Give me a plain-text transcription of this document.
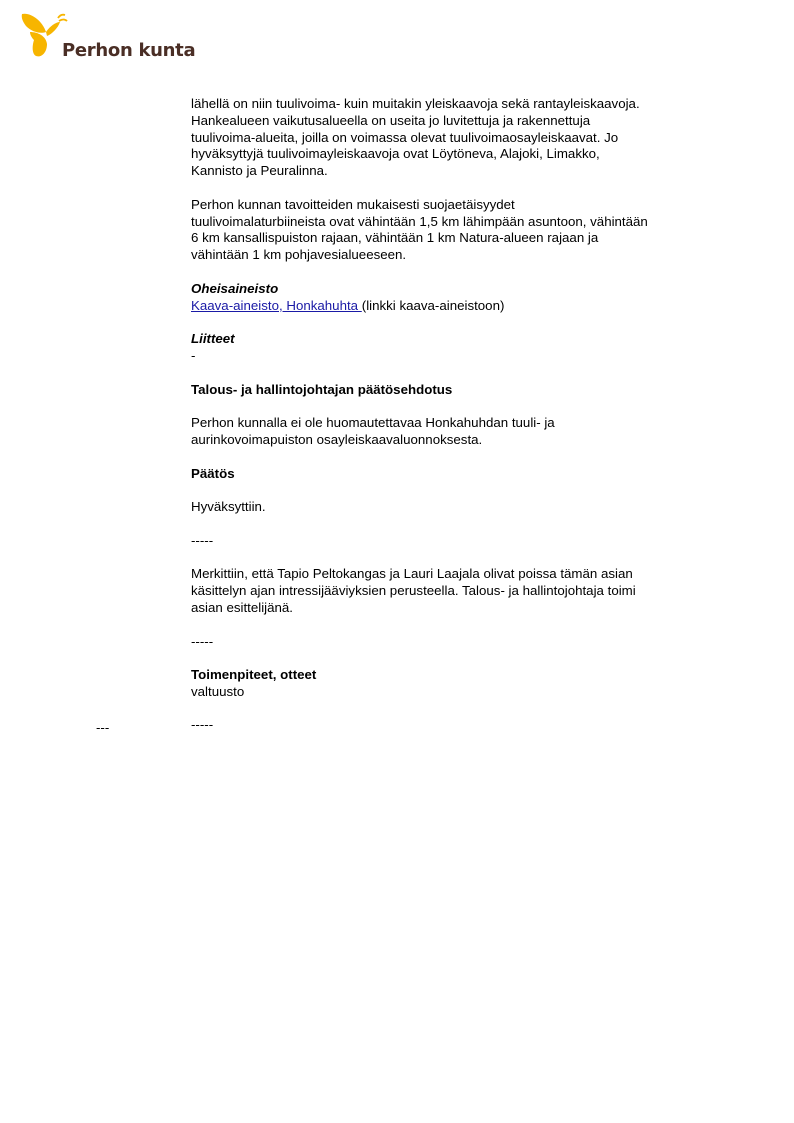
Perhon kunta
lähellä on niin tuulivoima- kuin muitakin yleiskaavoja sekä rantayleiskaavoja.
Hankealueen vaikutusalueella on useita jo luvitettuja ja rakennettuja
tuulivoima-alueita, joilla on voimassa olevat tuulivoimaosayleiskaavat. Jo
hyväksyttyjä tuulivoimayleiskaavoja ovat Löytöneva, Alajoki, Limakko,
Kannisto ja Peuralinna.
Perhon kunnan tavoitteiden mukaisesti suojaetäisyydet
tuulivoimalaturbiineista ovat vähintään 1,5 km lähimpään asuntoon, vähintään
6 km kansallispuiston rajaan, vähintään 1 km Natura-alueen rajaan ja
vähintään 1 km pohjavesialueeseen.
Oheisaineisto
Kaava-aineisto, Honkahuhta (linkki kaava-aineistoon)
Liitteet
-
Talous- ja hallintojohtajan päätösehdotus
Perhon kunnalla ei ole huomautettavaa Honkahuhdan tuuli- ja
aurinkovoimapuiston osayleiskaavaluonnoksesta.
Päätös
Hyväksyttiin.
-----
Merkittiin, että Tapio Peltokangas ja Lauri Laajala olivat poissa tämän asian
käsittelyn ajan intressijääviyksien perusteella. Talous- ja hallintojohtaja toimi
asian esittelijänä.
-----
Toimenpiteet, otteet
valtuusto
-----
---
